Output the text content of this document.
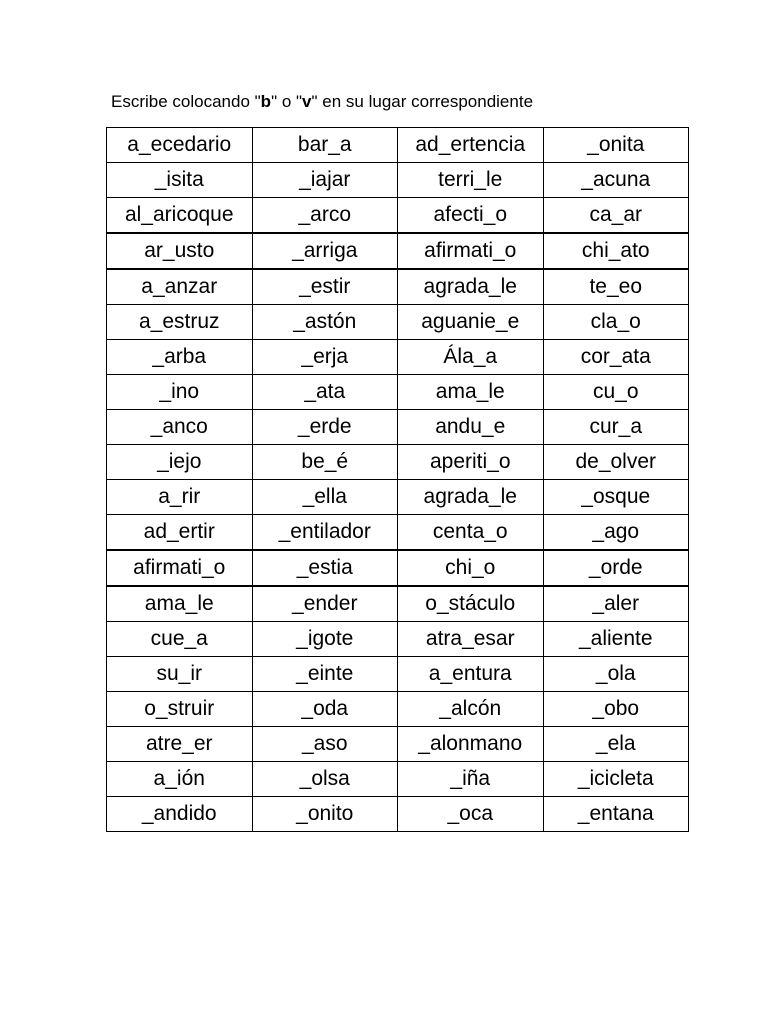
Escribe colocando "b" o "v" en su lugar correspondiente
a_ecedario	bar_a	ad_ertencia	_onita
_isita	_iajar	terri_le	_acuna
al_aricoque	_arco	afecti_o	ca_ar
ar_usto	_arriga	afirmati_o	chi_ato
a_anzar	_estir	agrada_le	te_eo
a_estruz	_astón	aguanie_e	cla_o
_arba	_erja	Ála_a	cor_ata
_ino	_ata	ama_le	cu_o
_anco	_erde	andu_e	cur_a
_iejo	be_é	aperiti_o	de_olver
a_rir	_ella	agrada_le	_osque
ad_ertir	_entilador	centa_o	_ago
afirmati_o	_estia	chi_o	_orde
ama_le	_ender	o_stáculo	_aler
cue_a	_igote	atra_esar	_aliente
su_ir	_einte	a_entura	_ola
o_struir	_oda	_alcón	_obo
atre_er	_aso	_alonmano	_ela
a_ión	_olsa	_iña	_icicleta
_andido	_onito	_oca	_entana
